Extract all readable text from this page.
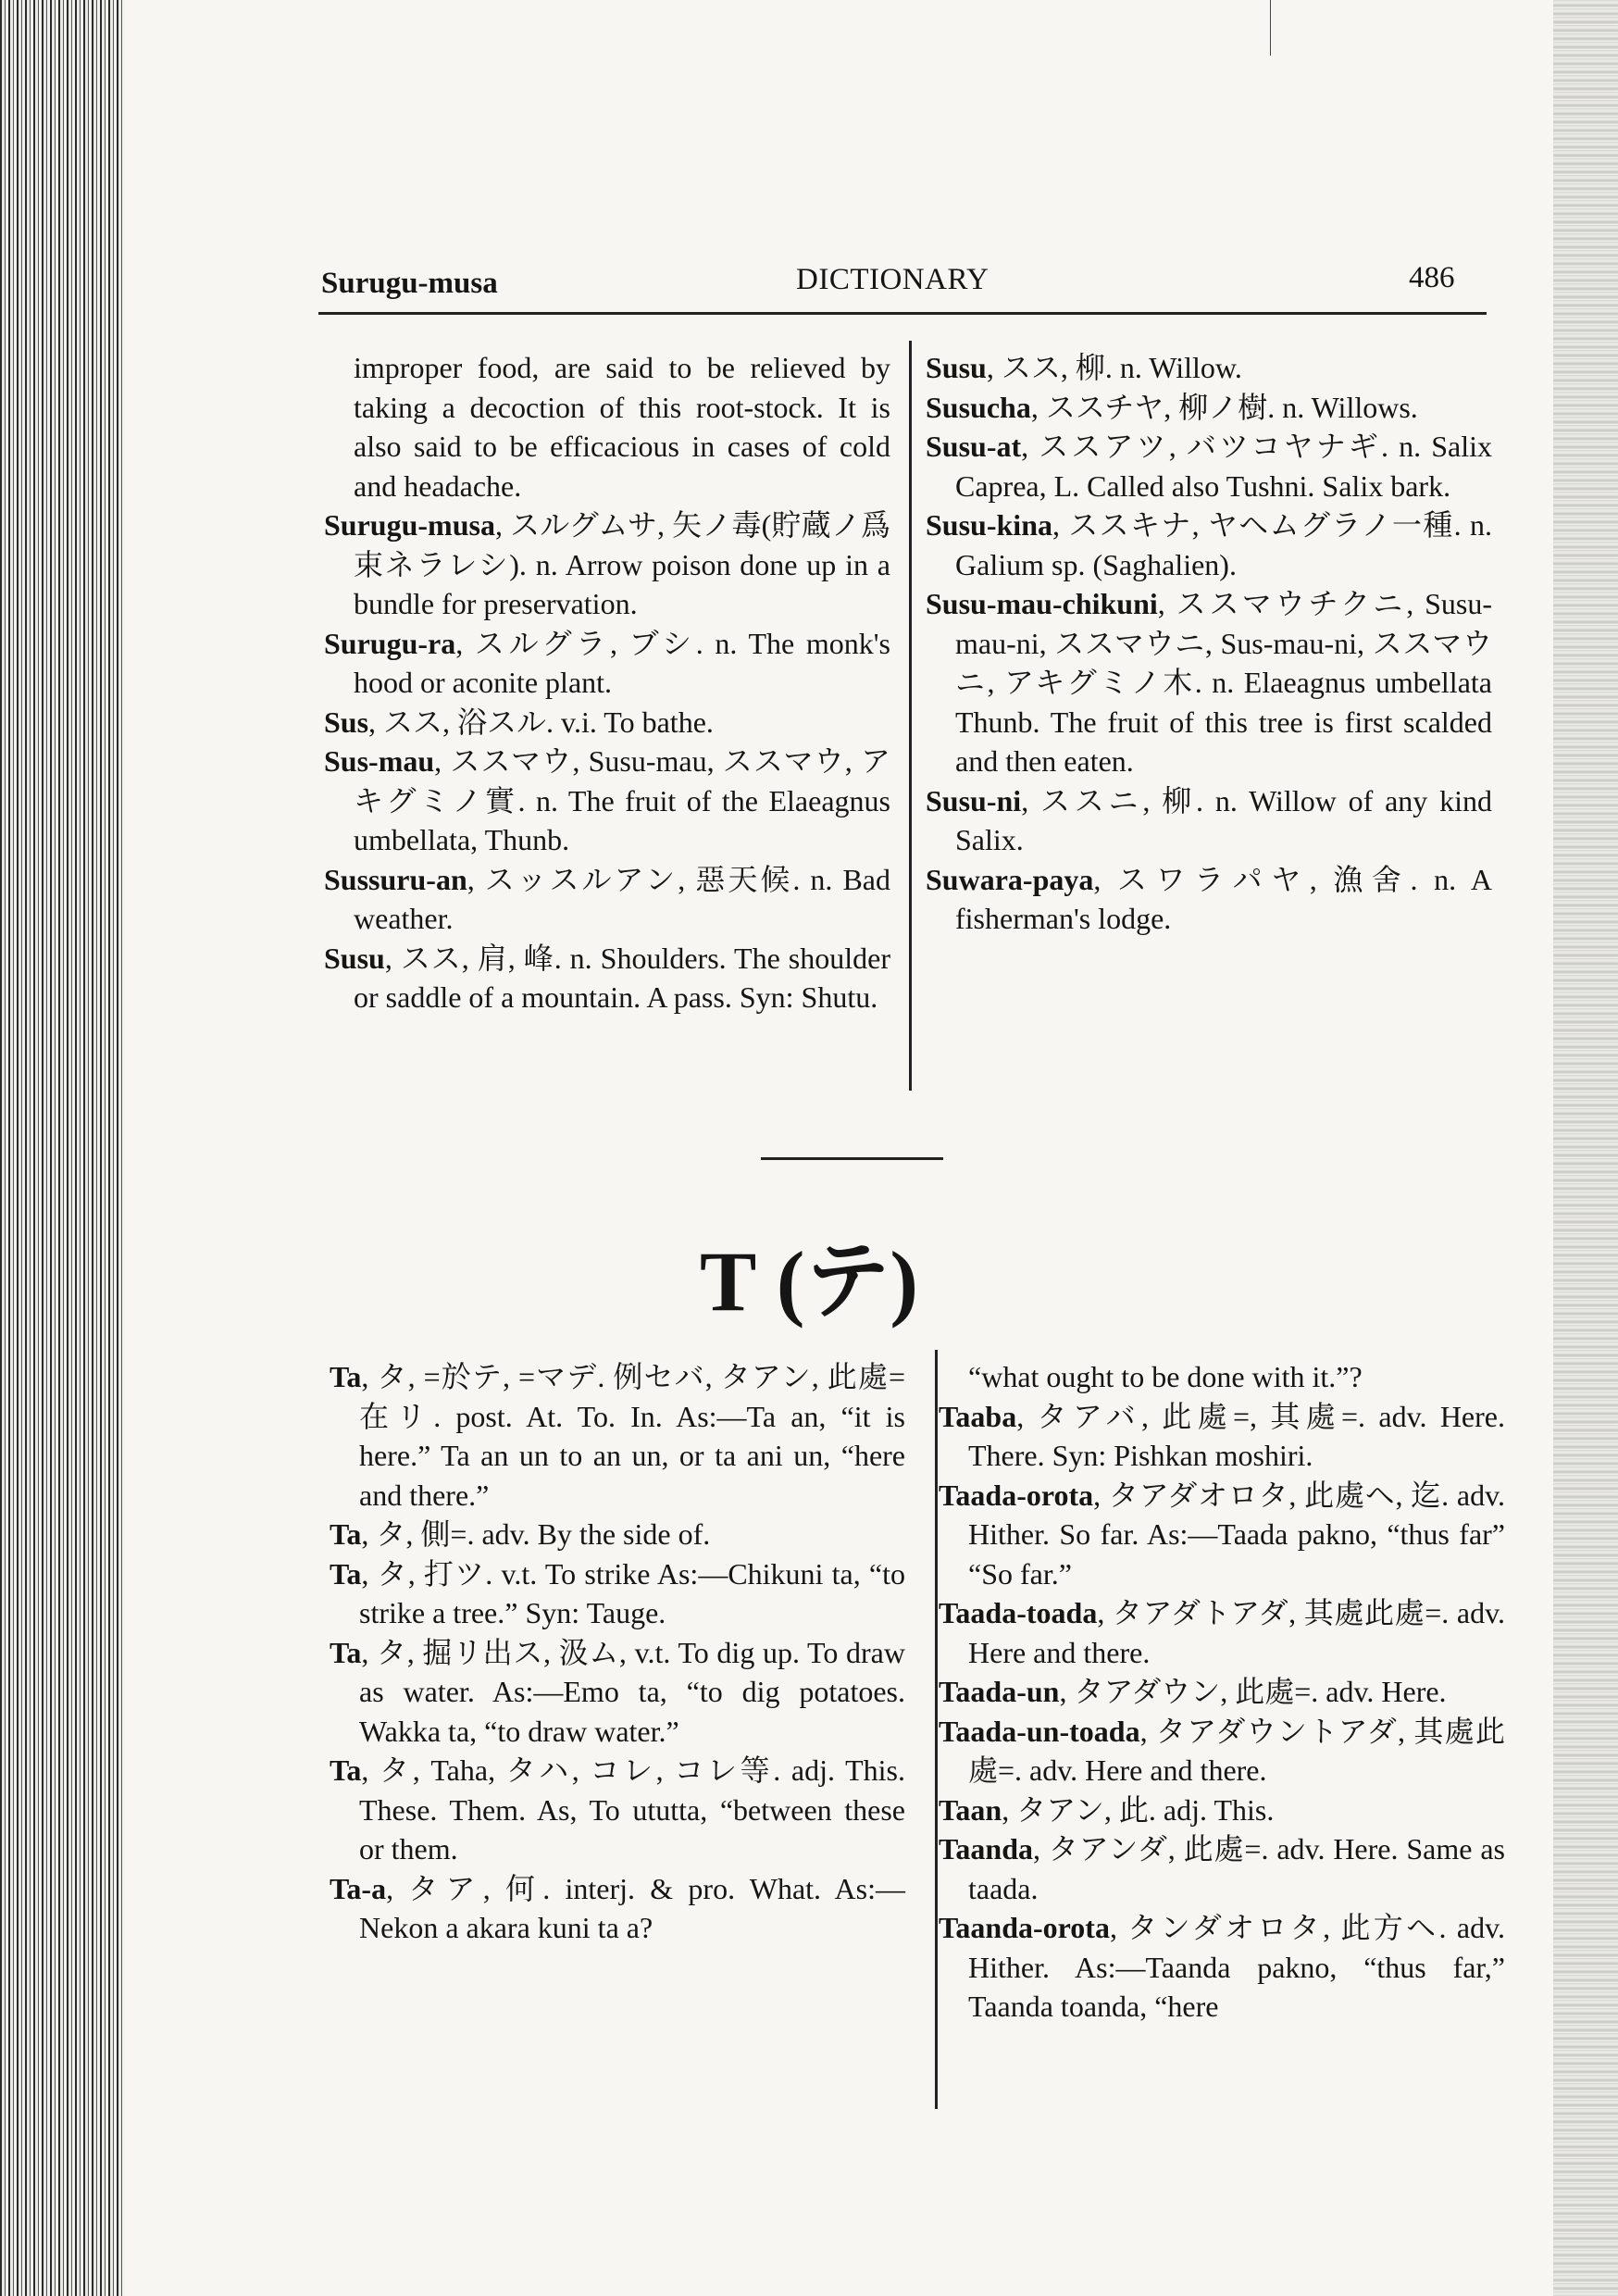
Surugu-musa	DICTIONARY	486
improper food, are said to be relieved by taking a decoction of this root-stock. It is also said to be efficacious in cases of cold and headache.
Surugu-musa, スルグムサ, 矢ノ毒(貯蔵ノ爲束ネラレシ). n. Arrow poison done up in a bundle for preservation.
Surugu-ra, スルグラ, ブシ. n. The monk's hood or aconite plant.
Sus, スス, 浴スル. v.i. To bathe.
Sus-mau, ススマウ, Susu-mau, ススマウ, アキグミノ實. n. The fruit of the Elaeagnus umbellata, Thunb.
Sussuru-an, スッスルアン, 惡天候. n. Bad weather.
Susu, スス, 肩, 峰. n. Shoulders. The shoulder or saddle of a mountain. A pass. Syn: Shutu.
Susu, スス, 柳. n. Willow.
Susucha, ススチヤ, 柳ノ樹. n. Willows.
Susu-at, ススアツ, バツコヤナギ. n. Salix Caprea, L. Called also Tushni. Salix bark.
Susu-kina, ススキナ, ヤヘムグラノ一種. n. Galium sp. (Saghalien).
Susu-mau-chikuni, ススマウチクニ, Susu-mau-ni, ススマウニ, Sus-mau-ni, ススマウニ, アキグミノ木. n. Elaeagnus umbellata Thunb. The fruit of this tree is first scalded and then eaten.
Susu-ni, ススニ, 柳. n. Willow of any kind Salix.
Suwara-paya, スワラパヤ, 漁舍. n. A fisherman's lodge.
T (テ)
Ta, タ, =於テ, =マデ. 例セバ, タアン, 此處=在リ. post. At. To. In. As:—Ta an, “it is here.” Ta an un to an un, or ta ani un, “here and there.”
Ta, タ, 側=. adv. By the side of.
Ta, タ, 打ツ. v.t. To strike As:—Chikuni ta, “to strike a tree.” Syn: Tauge.
Ta, タ, 掘リ出ス, 汲ム, v.t. To dig up. To draw as water. As:—Emo ta, “to dig potatoes. Wakka ta, “to draw water.”
Ta, タ, Taha, タハ, コレ, コレ等. adj. This. These. Them. As, To ututta, “between these or them.
Ta-a, タア, 何. interj. & pro. What. As:—Nekon a akara kuni ta a?
“what ought to be done with it.”?
Taaba, タアバ, 此處=, 其處=. adv. Here. There. Syn: Pishkan moshiri.
Taada-orota, タアダオロタ, 此處ヘ, 迄. adv. Hither. So far. As:—Taada pakno, “thus far” “So far.”
Taada-toada, タアダトアダ, 其處此處=. adv. Here and there.
Taada-un, タアダウン, 此處=. adv. Here.
Taada-un-toada, タアダウントアダ, 其處此處=. adv. Here and there.
Taan, タアン, 此. adj. This.
Taanda, タアンダ, 此處=. adv. Here. Same as taada.
Taanda-orota, タンダオロタ, 此方ヘ. adv. Hither. As:—Taanda pakno, “thus far,” Taanda toanda, “here
